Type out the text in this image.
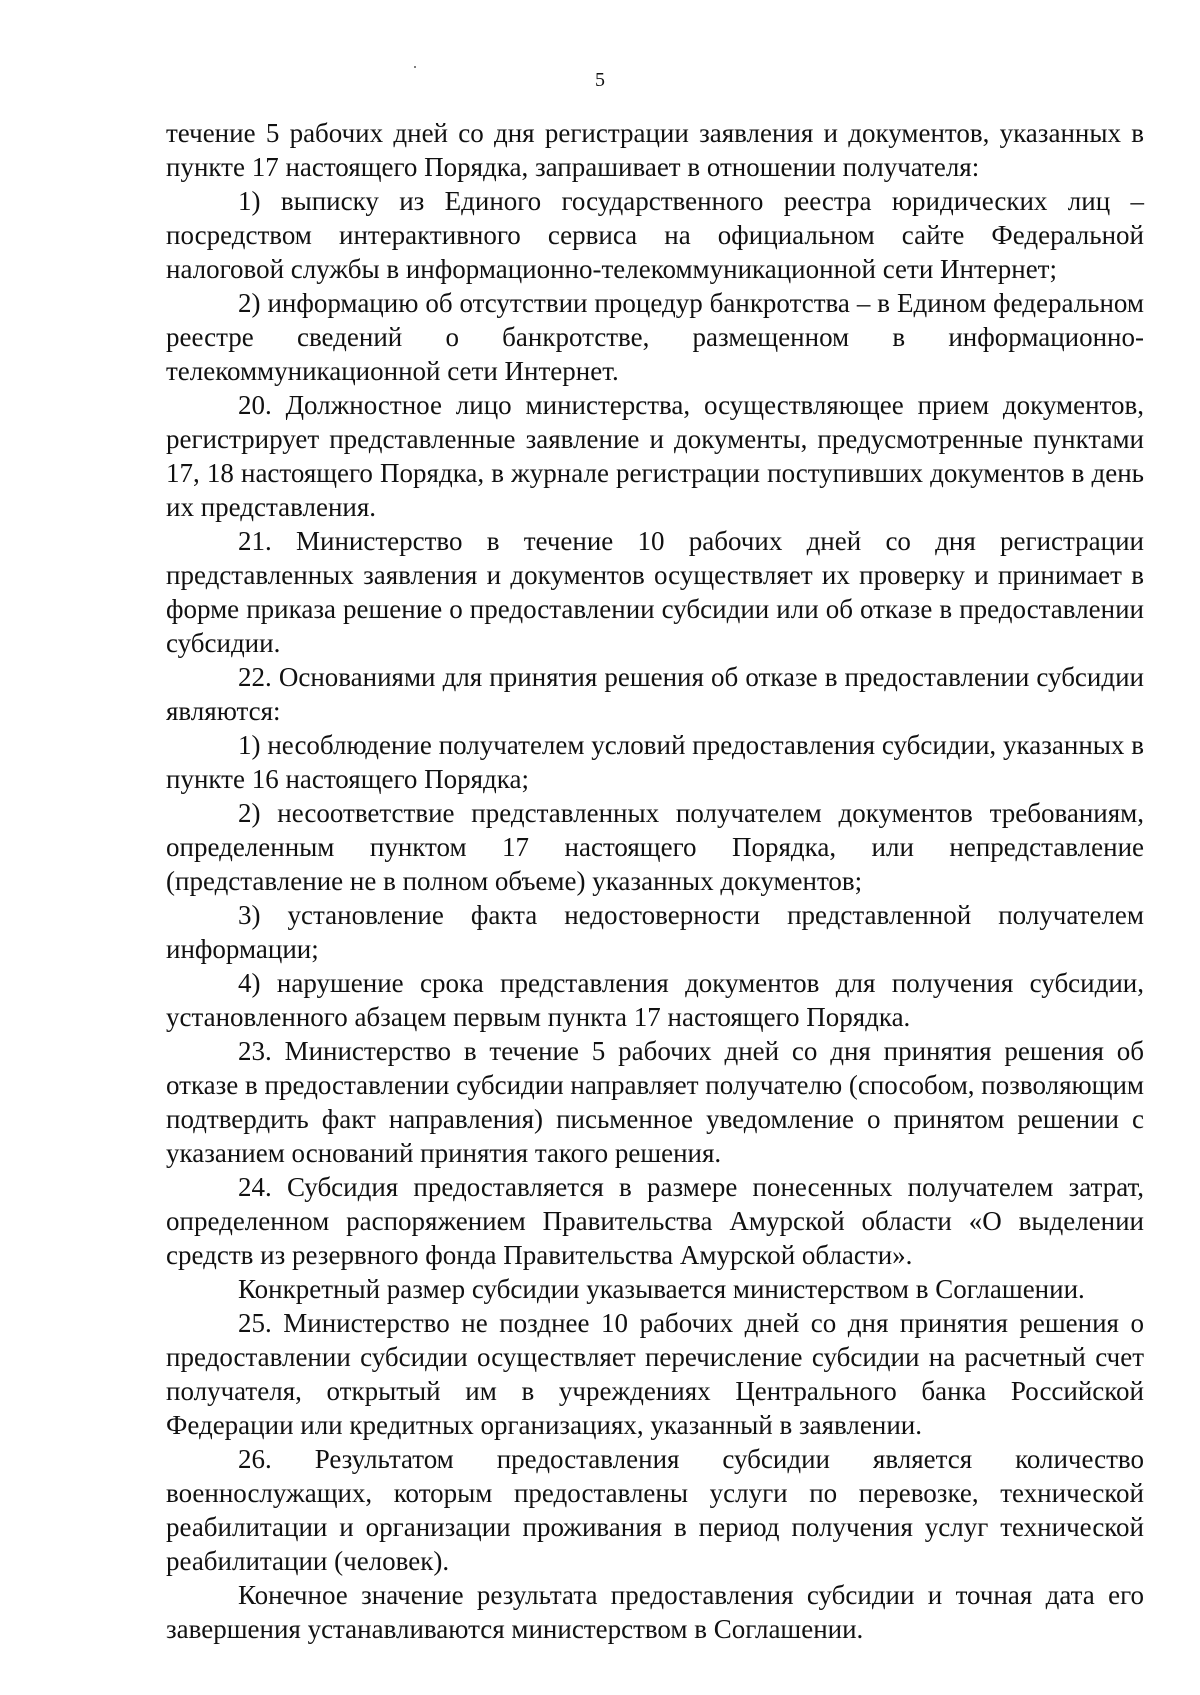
5

течение 5 рабочих дней со дня регистрации заявления и документов, указанных в пункте 17 настоящего Порядка, запрашивает в отношении получателя:

1) выписку из Единого государственного реестра юридических лиц – посредством интерактивного сервиса на официальном сайте Федеральной налоговой службы в информационно-телекоммуникационной сети Интернет;

2) информацию об отсутствии процедур банкротства – в Едином федеральном реестре сведений о банкротстве, размещенном в информационно-телекоммуникационной сети Интернет.

20. Должностное лицо министерства, осуществляющее прием документов, регистрирует представленные заявление и документы, предусмотренные пунктами 17, 18 настоящего Порядка, в журнале регистрации поступивших документов в день их представления.

21. Министерство в течение 10 рабочих дней со дня регистрации представленных заявления и документов осуществляет их проверку и принимает в форме приказа решение о предоставлении субсидии или об отказе в предоставлении субсидии.

22. Основаниями для принятия решения об отказе в предоставлении субсидии являются:

1) несоблюдение получателем условий предоставления субсидии, указанных в пункте 16 настоящего Порядка;

2) несоответствие представленных получателем документов требованиям, определенным пунктом 17 настоящего Порядка, или непредставление (представление не в полном объеме) указанных документов;

3) установление факта недостоверности представленной получателем информации;

4) нарушение срока представления документов для получения субсидии, установленного абзацем первым пункта 17 настоящего Порядка.

23. Министерство в течение 5 рабочих дней со дня принятия решения об отказе в предоставлении субсидии направляет получателю (способом, позволяющим подтвердить факт направления) письменное уведомление о принятом решении с указанием оснований принятия такого решения.

24. Субсидия предоставляется в размере понесенных получателем затрат, определенном распоряжением Правительства Амурской области «О выделении средств из резервного фонда Правительства Амурской области».

Конкретный размер субсидии указывается министерством в Соглашении.

25. Министерство не позднее 10 рабочих дней со дня принятия решения о предоставлении субсидии осуществляет перечисление субсидии на расчетный счет получателя, открытый им в учреждениях Центрального банка Российской Федерации или кредитных организациях, указанный в заявлении.

26. Результатом предоставления субсидии является количество военнослужащих, которым предоставлены услуги по перевозке, технической реабилитации и организации проживания в период получения услуг технической реабилитации (человек).

Конечное значение результата предоставления субсидии и точная дата его завершения устанавливаются министерством в Соглашении.
